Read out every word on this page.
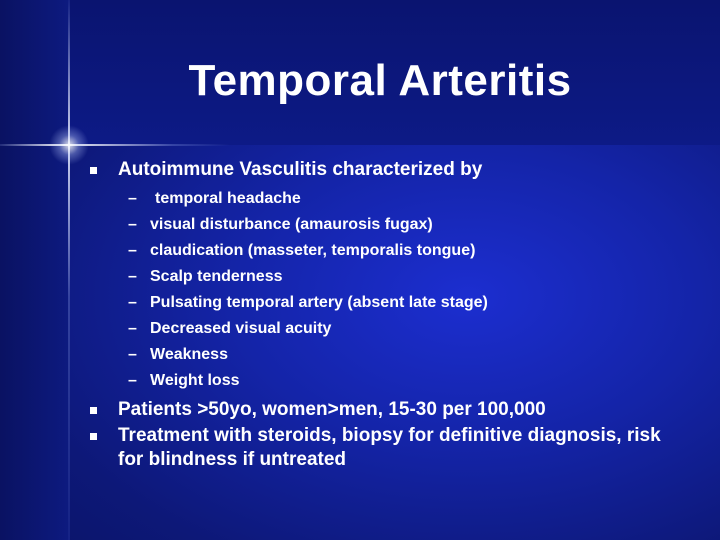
Temporal Arteritis
Autoimmune Vasculitis characterized by
– temporal headache
– visual disturbance (amaurosis fugax)
– claudication (masseter, temporalis tongue)
– Scalp tenderness
– Pulsating temporal artery (absent late stage)
– Decreased visual acuity
– Weakness
– Weight loss
Patients >50yo, women>men, 15-30 per 100,000
Treatment with steroids, biopsy for definitive diagnosis, risk for blindness if untreated
